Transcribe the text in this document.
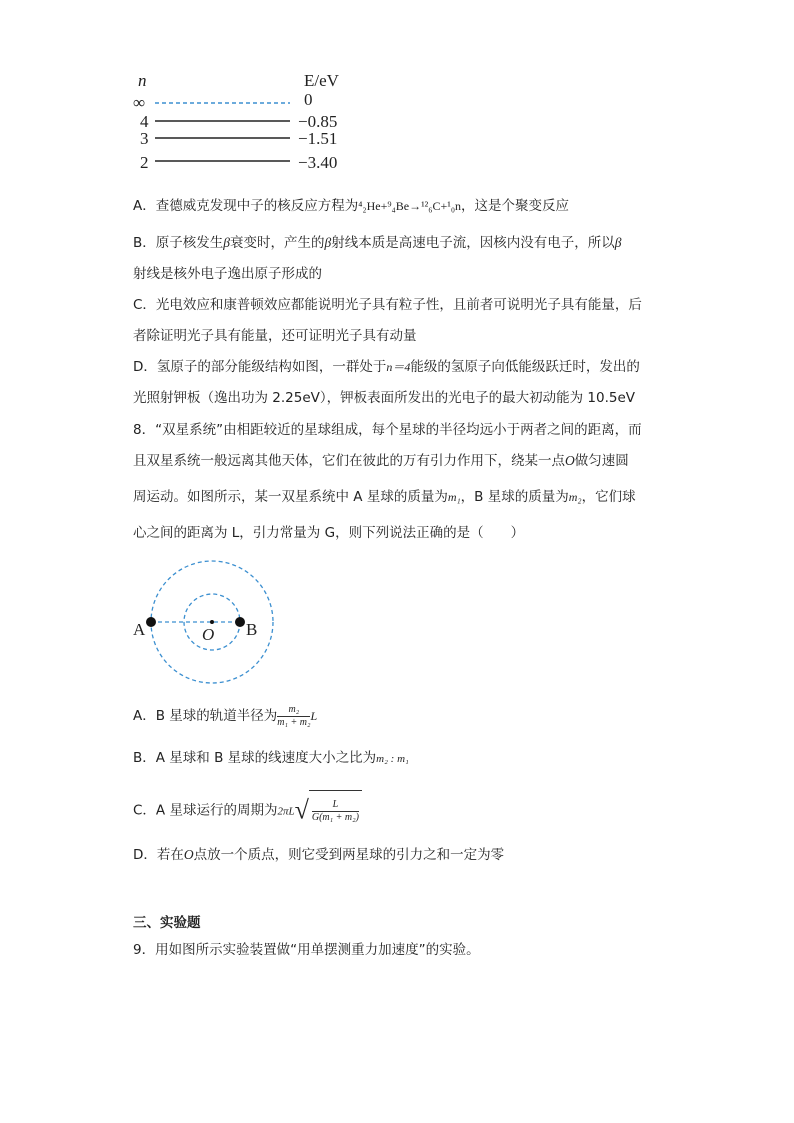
n	E/eV
∞	0
4	−0.85
3	−1.51
2	−3.40
A．查德威克发现中子的核反应方程为⁴₂He+⁹₄Be→¹²₆C+¹₀n，这是个聚变反应
B．原子核发生β衰变时，产生的β射线本质是高速电子流，因核内没有电子，所以β
射线是核外电子逸出原子形成的
C．光电效应和康普顿效应都能说明光子具有粒子性，且前者可说明光子具有能量，后
者除证明光子具有能量，还可证明光子具有动量
D．氢原子的部分能级结构如图，一群处于n＝4能级的氢原子向低能级跃迁时，发出的
光照射钾板（逸出功为 2.25eV），钾板表面所发出的光电子的最大初动能为 10.5eV
8．“双星系统”由相距较近的星球组成，每个星球的半径均远小于两者之间的距离，而
且双星系统一般远离其他天体，它们在彼此的万有引力作用下，绕某一点O做匀速圆
周运动。如图所示，某一双星系统中 A 星球的质量为m₁，B 星球的质量为m₂，它们球
心之间的距离为 L，引力常量为 G，则下列说法正确的是（　　）
A	O B
A．B 星球的轨道半径为 $\frac{\text{m₂}}{\text{m₁ + m₂}}$ L
B．A 星球和 B 星球的线速度大小之比为m₂ : m₁
C．A 星球运行的周期为$2\pi L√ \frac{L}{\text{G(m₁ + m₂)}}$
D．若在O点放一个质点，则它受到两星球的引力之和一定为零
三、实验题
9．用如图所示实验装置做“用单摆测重力加速度”的实验。
